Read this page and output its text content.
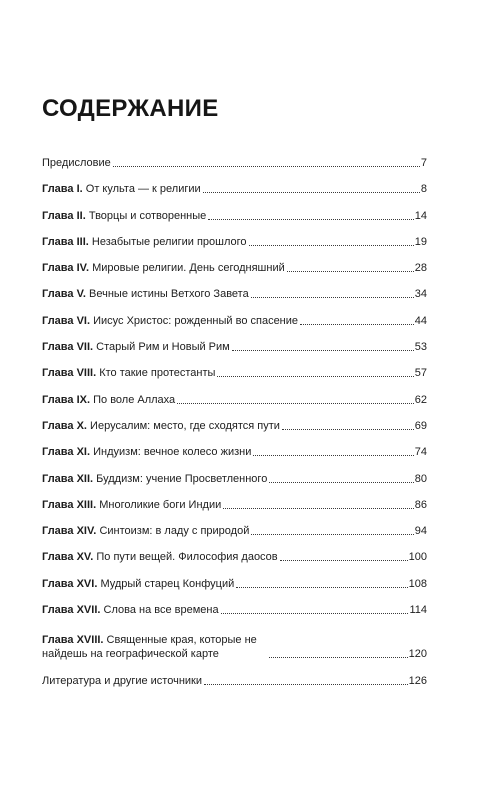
СОДЕРЖАНИЕ
Предисловие	7
Глава I. От культа — к религии	8
Глава II. Творцы и сотворенные	14
Глава III. Незабытые религии прошлого	19
Глава IV. Мировые религии. День сегодняшний	28
Глава V. Вечные истины Ветхого Завета	34
Глава VI. Иисус Христос: рожденный во спасение	44
Глава VII. Старый Рим и Новый Рим	53
Глава VIII. Кто такие протестанты	57
Глава IX. По воле Аллаха	62
Глава X. Иерусалим: место, где сходятся пути	69
Глава XI. Индуизм: вечное колесо жизни	74
Глава XII. Буддизм: учение Просветленного	80
Глава XIII. Многоликие боги Индии	86
Глава XIV. Синтоизм: в ладу с природой	94
Глава XV. По пути вещей. Философия даосов	100
Глава XVI. Мудрый старец Конфуций	108
Глава XVII. Слова на все времена	114
Глава XVIII. Священные края, которые не найдешь на географической карте	120
Литература и другие источники	126
